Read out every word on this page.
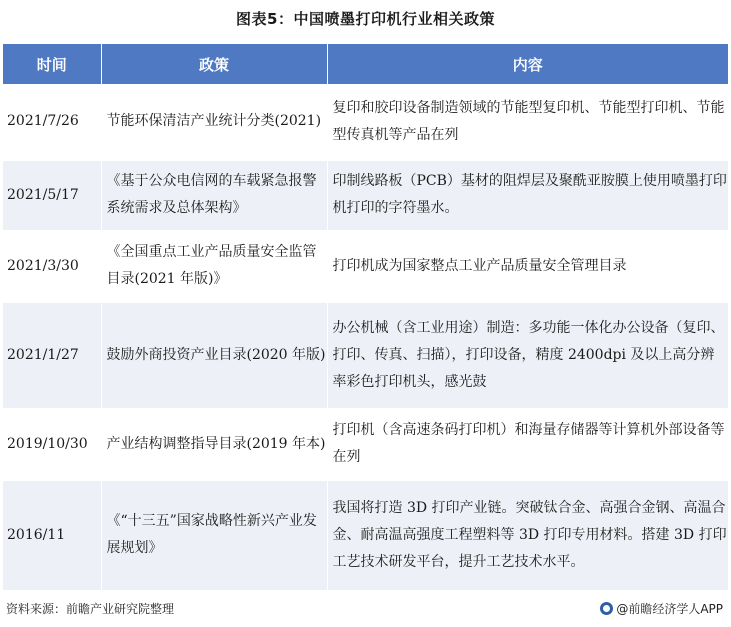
图表5：中国喷墨打印机行业相关政策
时间	政策	内容
2021/7/26	节能环保清洁产业统计分类(2021)	复印和胶印设备制造领域的节能型复印机、节能型打印机、节能型传真机等产品在列
2021/5/17	《基于公众电信网的车载紧急报警系统需求及总体架构》	印制线路板（PCB）基材的阻焊层及聚酰亚胺膜上使用喷墨打印机打印的字符墨水。
2021/3/30	《全国重点工业产品质量安全监管目录(2021 年版)》	打印机成为国家整点工业产品质量安全管理目录
2021/1/27	鼓励外商投资产业目录(2020 年版)	办公机械（含工业用途）制造：多功能一体化办公设备（复印、打印、传真、扫描），打印设备，精度 2400dpi 及以上高分辨率彩色打印机头，感光鼓
2019/10/30	产业结构调整指导目录(2019 年本)	打印机（含高速条码打印机）和海量存储器等计算机外部设备等在列
2016/11	《“十三五”国家战略性新兴产业发展规划》	我国将打造 3D 打印产业链。突破钛合金、高强合金钢、高温合金、耐高温高强度工程塑料等 3D 打印专用材料。搭建 3D 打印工艺技术研发平台，提升工艺技术水平。
资料来源：前瞻产业研究院整理	@前瞻经济学人APP
